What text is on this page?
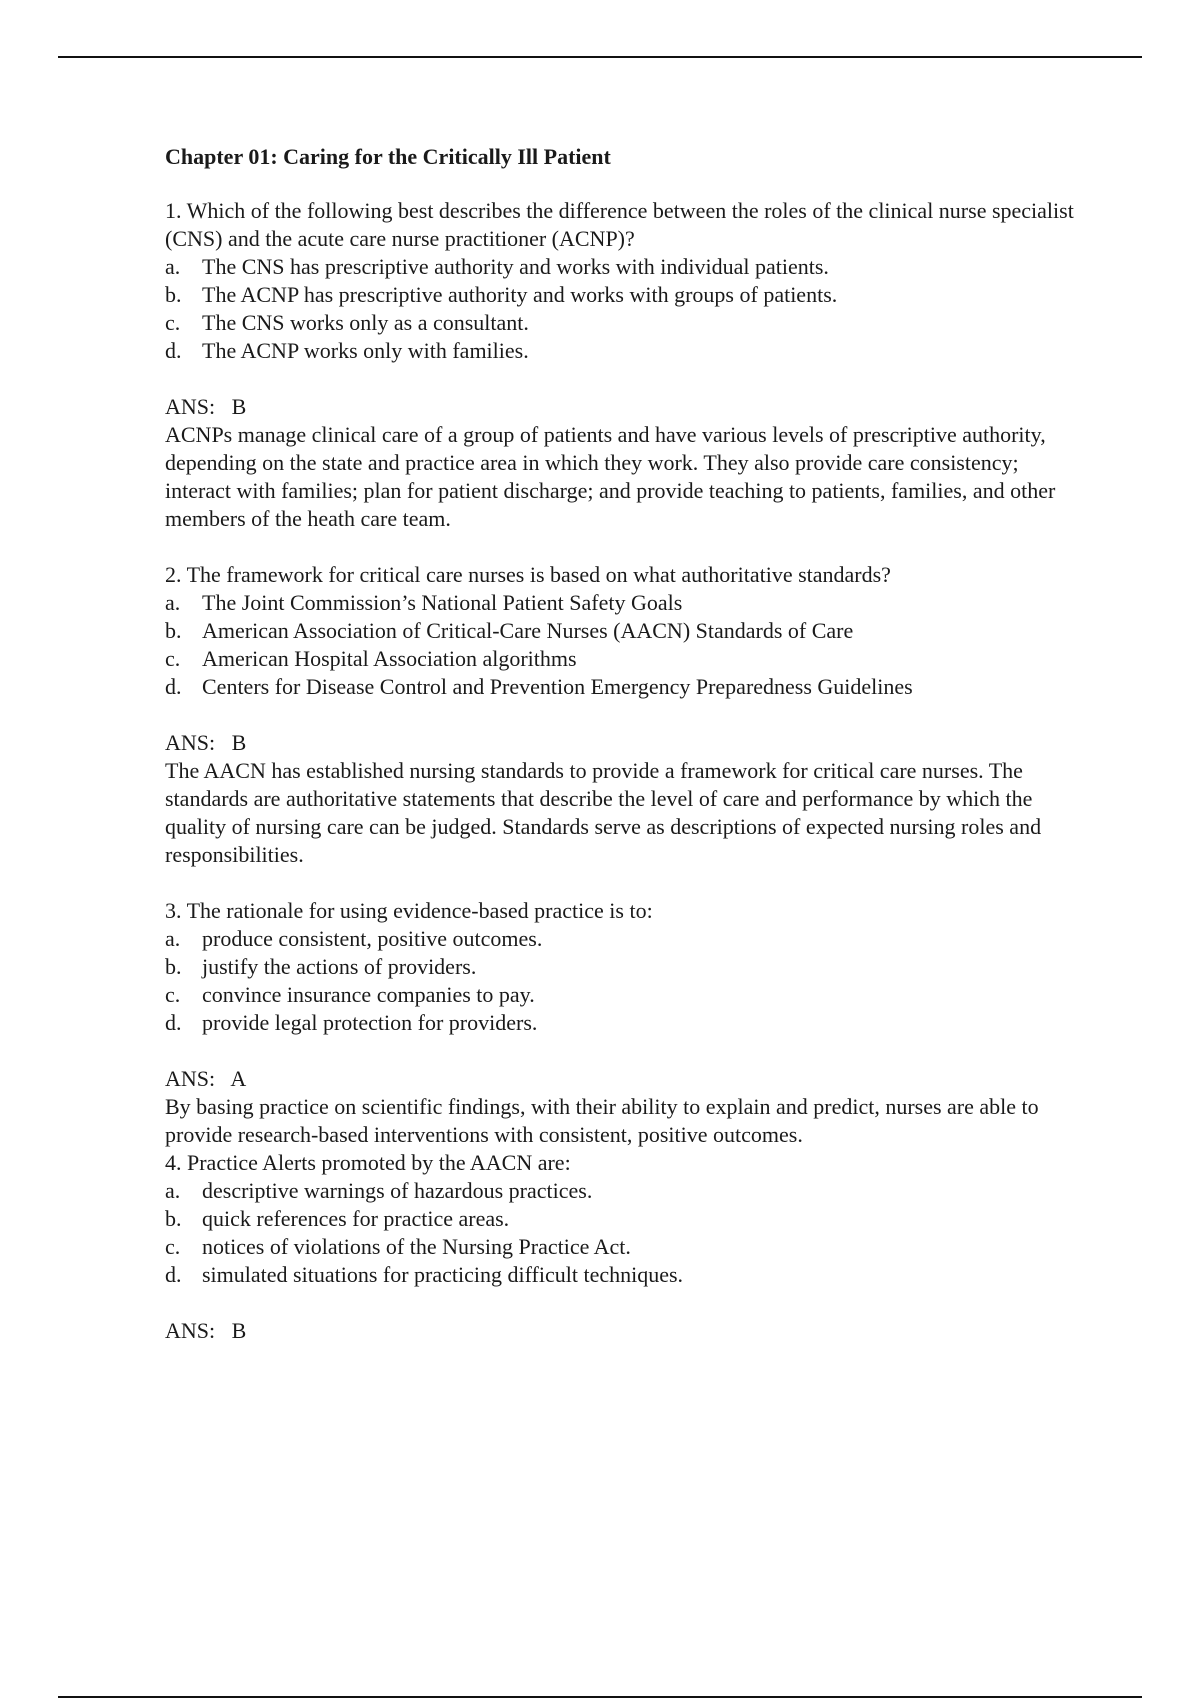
Chapter 01: Caring for the Critically Ill Patient

1. Which of the following best describes the difference between the roles of the clinical nurse specialist (CNS) and the acute care nurse practitioner (ACNP)?

a. The CNS has prescriptive authority and works with individual patients.
b. The ACNP has prescriptive authority and works with groups of patients.
c. The CNS works only as a consultant.
d. The ACNP works only with families.

ANS:   B

ACNPs manage clinical care of a group of patients and have various levels of prescriptive authority, depending on the state and practice area in which they work. They also provide care consistency; interact with families; plan for patient discharge; and provide teaching to patients, families, and other members of the heath care team.

2. The framework for critical care nurses is based on what authoritative standards?

a. The Joint Commission’s National Patient Safety Goals
b. American Association of Critical-Care Nurses (AACN) Standards of Care
c. American Hospital Association algorithms
d. Centers for Disease Control and Prevention Emergency Preparedness Guidelines

ANS:   B

The AACN has established nursing standards to provide a framework for critical care nurses. The standards are authoritative statements that describe the level of care and performance by which the quality of nursing care can be judged. Standards serve as descriptions of expected nursing roles and responsibilities.

3. The rationale for using evidence-based practice is to:

a. produce consistent, positive outcomes.
b. justify the actions of providers.
c. convince insurance companies to pay.
d. provide legal protection for providers.

ANS:   A

By basing practice on scientific findings, with their ability to explain and predict, nurses are able to provide research-based interventions with consistent, positive outcomes.

4. Practice Alerts promoted by the AACN are:

a. descriptive warnings of hazardous practices.
b. quick references for practice areas.
c. notices of violations of the Nursing Practice Act.
d. simulated situations for practicing difficult techniques.

ANS:   B
